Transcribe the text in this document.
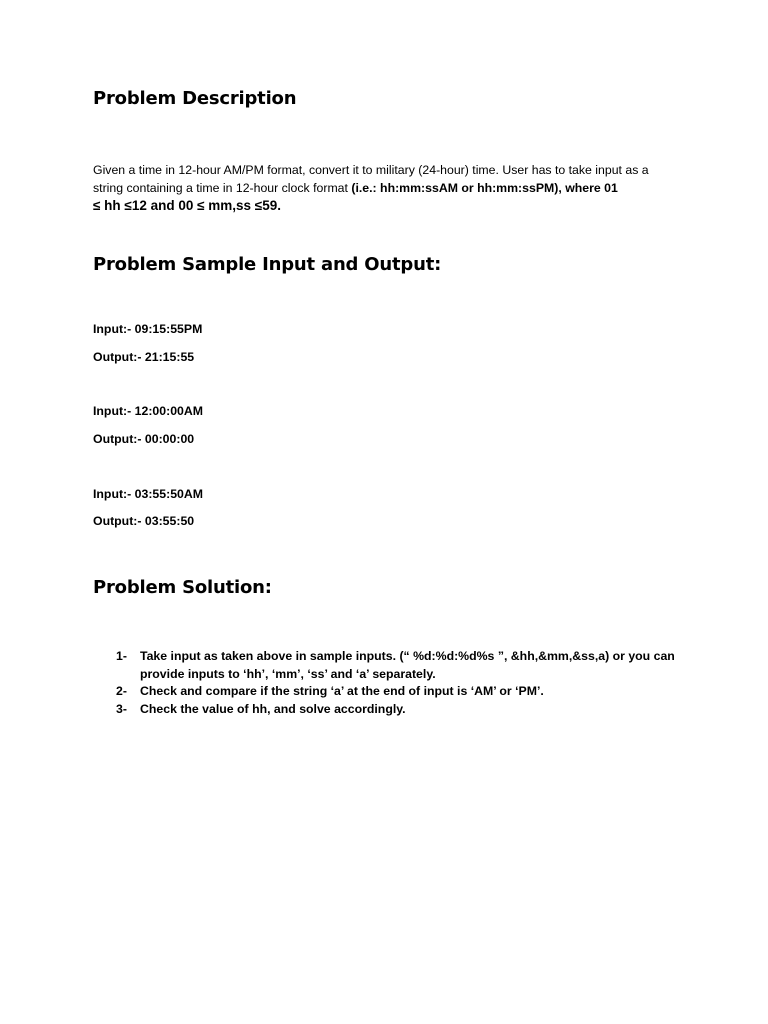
Problem Description

Given a time in 12-hour AM/PM format, convert it to military (24-hour) time. User has to take input as a string containing a time in 12-hour clock format (i.e.: hh:mm:ssAM or hh:mm:ssPM), where 01
≤ hh ≤12 and 00 ≤ mm,ss ≤59.

Problem Sample Input and Output:

Input:- 09:15:55PM

Output:- 21:15:55

Input:- 12:00:00AM

Output:- 00:00:00

Input:- 03:55:50AM

Output:- 03:55:50

Problem Solution:
1- Take input as taken above in sample inputs. (“ %d:%d:%d%s ”, &hh,&mm,&ss,a) or you can provide inputs to ‘hh’, ‘mm’, ‘ss’ and ‘a’ separately.
2- Check and compare if the string ‘a’ at the end of input is ‘AM’ or ‘PM’.
3- Check the value of hh, and solve accordingly.
